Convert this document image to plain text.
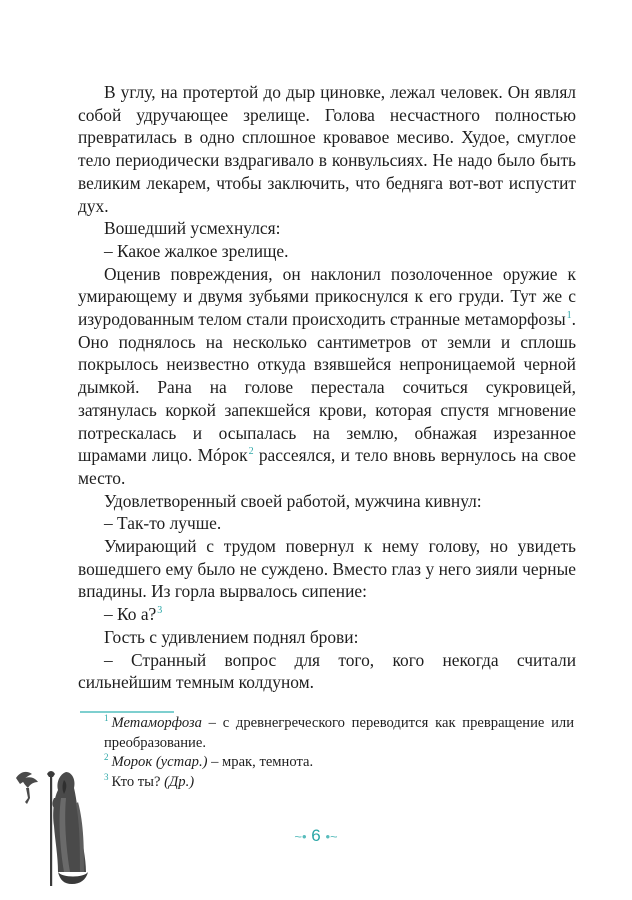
В углу, на протертой до дыр циновке, лежал человек. Он являл собой удручающее зрелище. Голова несчастного полностью превратилась в одно сплошное кровавое месиво. Худое, смуглое тело периодически вздрагивало в конвульсиях. Не надо было быть великим лекарем, чтобы заключить, что бедняга вот-вот испустит дух.

Вошедший усмехнулся:

– Какое жалкое зрелище.

Оценив повреждения, он наклонил позолоченное оружие к умирающему и двумя зубьями прикоснулся к его груди. Тут же с изуродованным телом стали происходить странные метаморфозы$^1$. Оно поднялось на несколько сантиметров от земли и сплошь покрылось неизвестно откуда взявшейся непроницаемой черной дымкой. Рана на голове перестала сочиться сукровицей, затянулась коркой запекшейся крови, которая спустя мгновение потрескалась и осыпалась на землю, обнажая изрезанное шрамами лицо. Мóрок$^2$ рассеялся, и тело вновь вернулось на свое место.

Удовлетворенный своей работой, мужчина кивнул:

– Так-то лучше.

Умирающий с трудом повернул к нему голову, но увидеть вошедшего ему было не суждено. Вместо глаз у него зияли черные впадины. Из горла вырвалось сипение:

– Ко а?$^3$

Гость с удивлением поднял брови:

– Странный вопрос для того, кого некогда считали сильнейшим темным колдуном.

$^1$ Метаморфоза – с древнегреческого переводится как превращение или преобразование.

$^2$ Морок (устар.) – мрак, темнота.

$^3$ Кто ты? (Др.)

~• 6 •~
